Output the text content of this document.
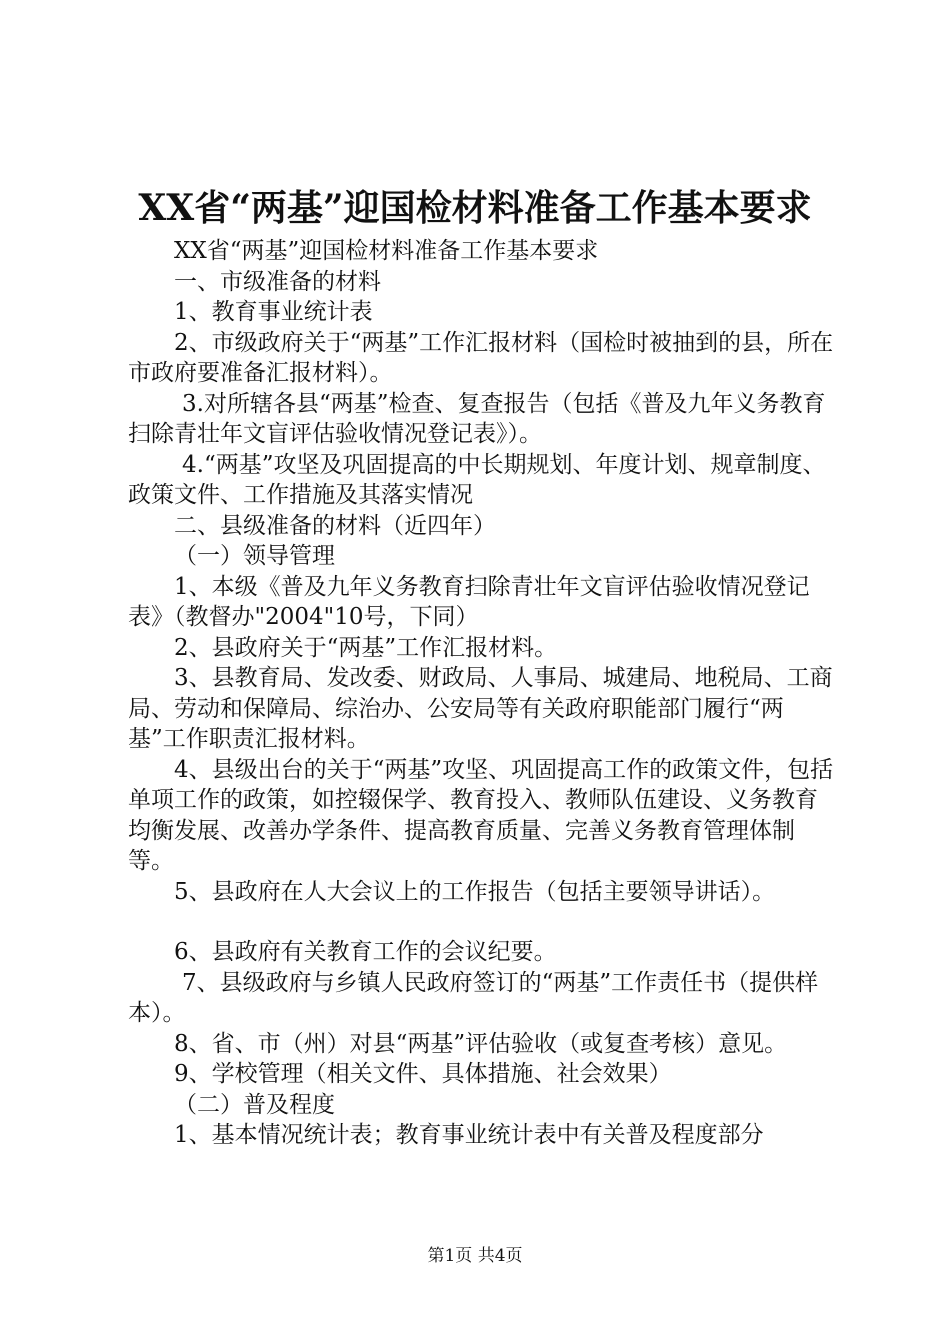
XX省“两基”迎国检材料准备工作基本要求

XX省“两基”迎国检材料准备工作基本要求

一、市级准备的材料

1、教育事业统计表

2、市级政府关于“两基”工作汇报材料（国检时被抽到的县，所在市政府要准备汇报材料）。

3.对所辖各县“两基”检查、复查报告（包括《普及九年义务教育扫除青壮年文盲评估验收情况登记表》）。

4.“两基”攻坚及巩固提高的中长期规划、年度计划、规章制度、政策文件、工作措施及其落实情况

二、县级准备的材料（近四年）

（一）领导管理

1、本级《普及九年义务教育扫除青壮年文盲评估验收情况登记表》（教督办"2004"10号，下同）

2、县政府关于“两基”工作汇报材料。

3、县教育局、发改委、财政局、人事局、城建局、地税局、工商局、劳动和保障局、综治办、公安局等有关政府职能部门履行“两基”工作职责汇报材料。

4、县级出台的关于“两基”攻坚、巩固提高工作的政策文件，包括单项工作的政策，如控辍保学、教育投入、教师队伍建设、义务教育均衡发展、改善办学条件、提高教育质量、完善义务教育管理体制等。

5、县政府在人大会议上的工作报告（包括主要领导讲话）。

6、县政府有关教育工作的会议纪要。

7、县级政府与乡镇人民政府签订的“两基”工作责任书（提供样本）。

8、省、市（州）对县“两基”评估验收（或复查考核）意见。

9、学校管理（相关文件、具体措施、社会效果）

（二）普及程度

1、基本情况统计表；教育事业统计表中有关普及程度部分

第1页 共4页
